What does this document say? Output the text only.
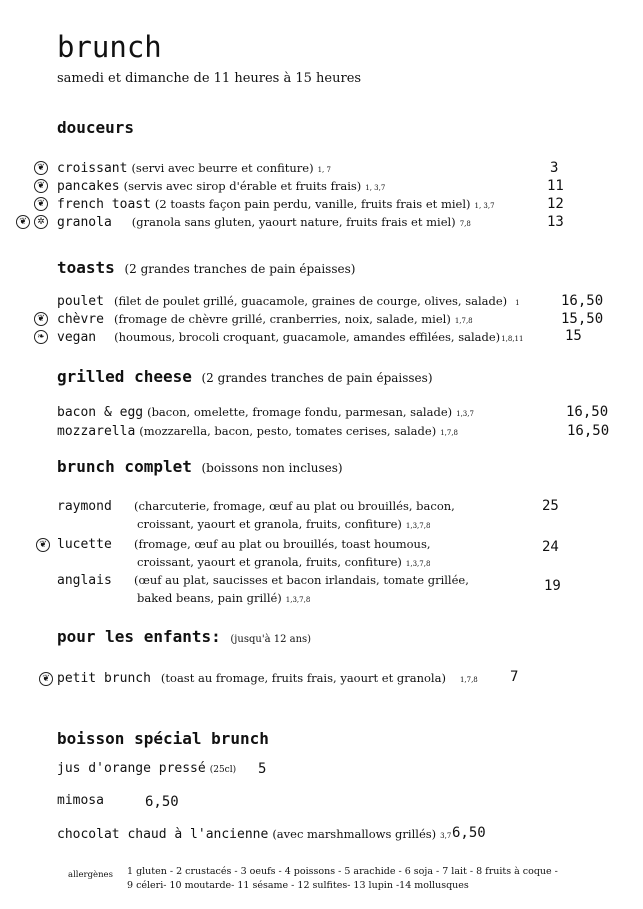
brunch
samedi et dimanche de 11 heures à 15 heures
douceurs
❦ croissant (servi avec beurre et confiture) 1, 7	3
❦ pancakes (servis avec sirop d'érable et fruits frais) 1, 3,7	11
❦ french toast (2 toasts façon pain perdu, vanille, fruits frais et miel) 1, 3,7	12
❦	✲ granola (granola sans gluten, yaourt nature, fruits frais et miel) 7,8	13
toasts (2 grandes tranches de pain épaisses)
poulet (filet de poulet grillé, guacamole, graines de courge, olives, salade) 1	16,50
❦ chèvre (fromage de chèvre grillé, cranberries, noix, salade, miel) 1,7,8	15,50
❧ vegan (houmous, brocoli croquant, guacamole, amandes effilées, salade)1,8,11	15
grilled cheese (2 grandes tranches de pain épaisses)
bacon & egg (bacon, omelette, fromage fondu, parmesan, salade) 1,3,7	16,50
mozzarella (mozzarella, bacon, pesto, tomates cerises, salade) 1,7,8	16,50
brunch complet (boissons non incluses)
raymond (charcuterie, fromage, œuf au plat ou brouillés, bacon,
croissant, yaourt et granola, fruits, confiture) 1,3,7,8
25
❦ lucette (fromage, œuf au plat ou brouillés, toast houmous,
croissant, yaourt et granola, fruits, confiture) 1,3,7,8
24
anglais (œuf au plat, saucisses et bacon irlandais, tomate grillée,
baked beans, pain grillé) 1,3,7,8
19
pour les enfants: (jusqu'à 12 ans)
❦ petit brunch (toast au fromage, fruits frais, yaourt et granola) 1,7,8 7
boisson spécial brunch
jus d'orange pressé (25cl) 5
mimosa	6,50
chocolat chaud à l'ancienne (avec marshmallows grillés) 3,7 6,50
allergènes 1 gluten - 2 crustacés - 3 oeufs - 4 poissons - 5 arachide - 6 soja - 7 lait - 8 fruits à coque -
9 céleri- 10 moutarde- 11 sésame - 12 sulfites- 13 lupin -14 mollusques
